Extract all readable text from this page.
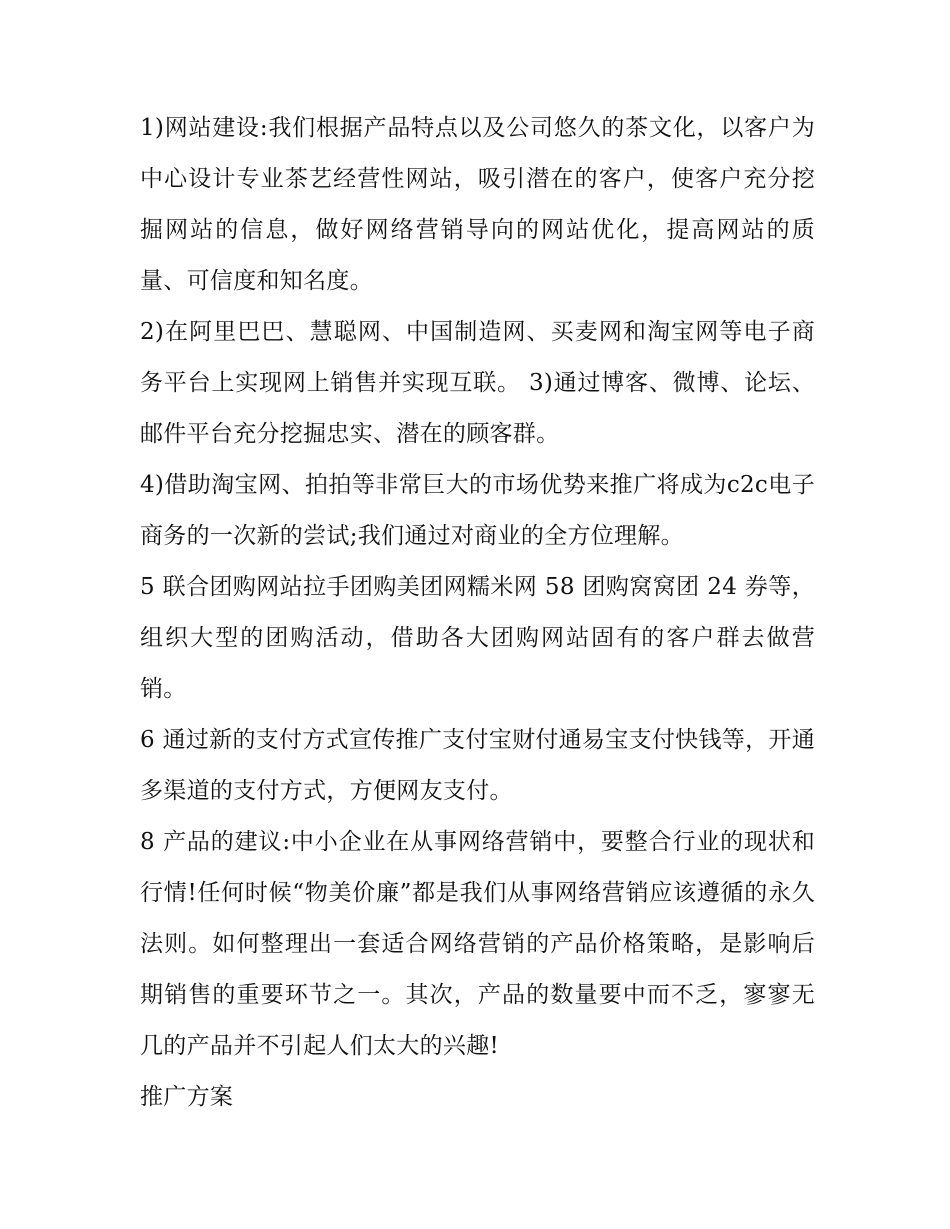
1)网站建设:我们根据产品特点以及公司悠久的茶文化，以客户为中心设计专业茶艺经营性网站，吸引潜在的客户，使客户充分挖掘网站的信息，做好网络营销导向的网站优化，提高网站的质量、可信度和知名度。

2)在阿里巴巴、慧聪网、中国制造网、买麦网和淘宝网等电子商务平台上实现网上销售并实现互联。 3)通过博客、微博、论坛、邮件平台充分挖掘忠实、潜在的顾客群。

4)借助淘宝网、拍拍等非常巨大的市场优势来推广将成为c2c电子商务的一次新的尝试;我们通过对商业的全方位理解。

5 联合团购网站拉手团购美团网糯米网 58 团购窝窝团 24 券等，组织大型的团购活动，借助各大团购网站固有的客户群去做营销。

6 通过新的支付方式宣传推广支付宝财付通易宝支付快钱等，开通多渠道的支付方式，方便网友支付。

8 产品的建议:中小企业在从事网络营销中，要整合行业的现状和行情!任何时候“物美价廉”都是我们从事网络营销应该遵循的永久法则。如何整理出一套适合网络营销的产品价格策略，是影响后期销售的重要环节之一。其次，产品的数量要中而不乏，寥寥无几的产品并不引起人们太大的兴趣!

推广方案
